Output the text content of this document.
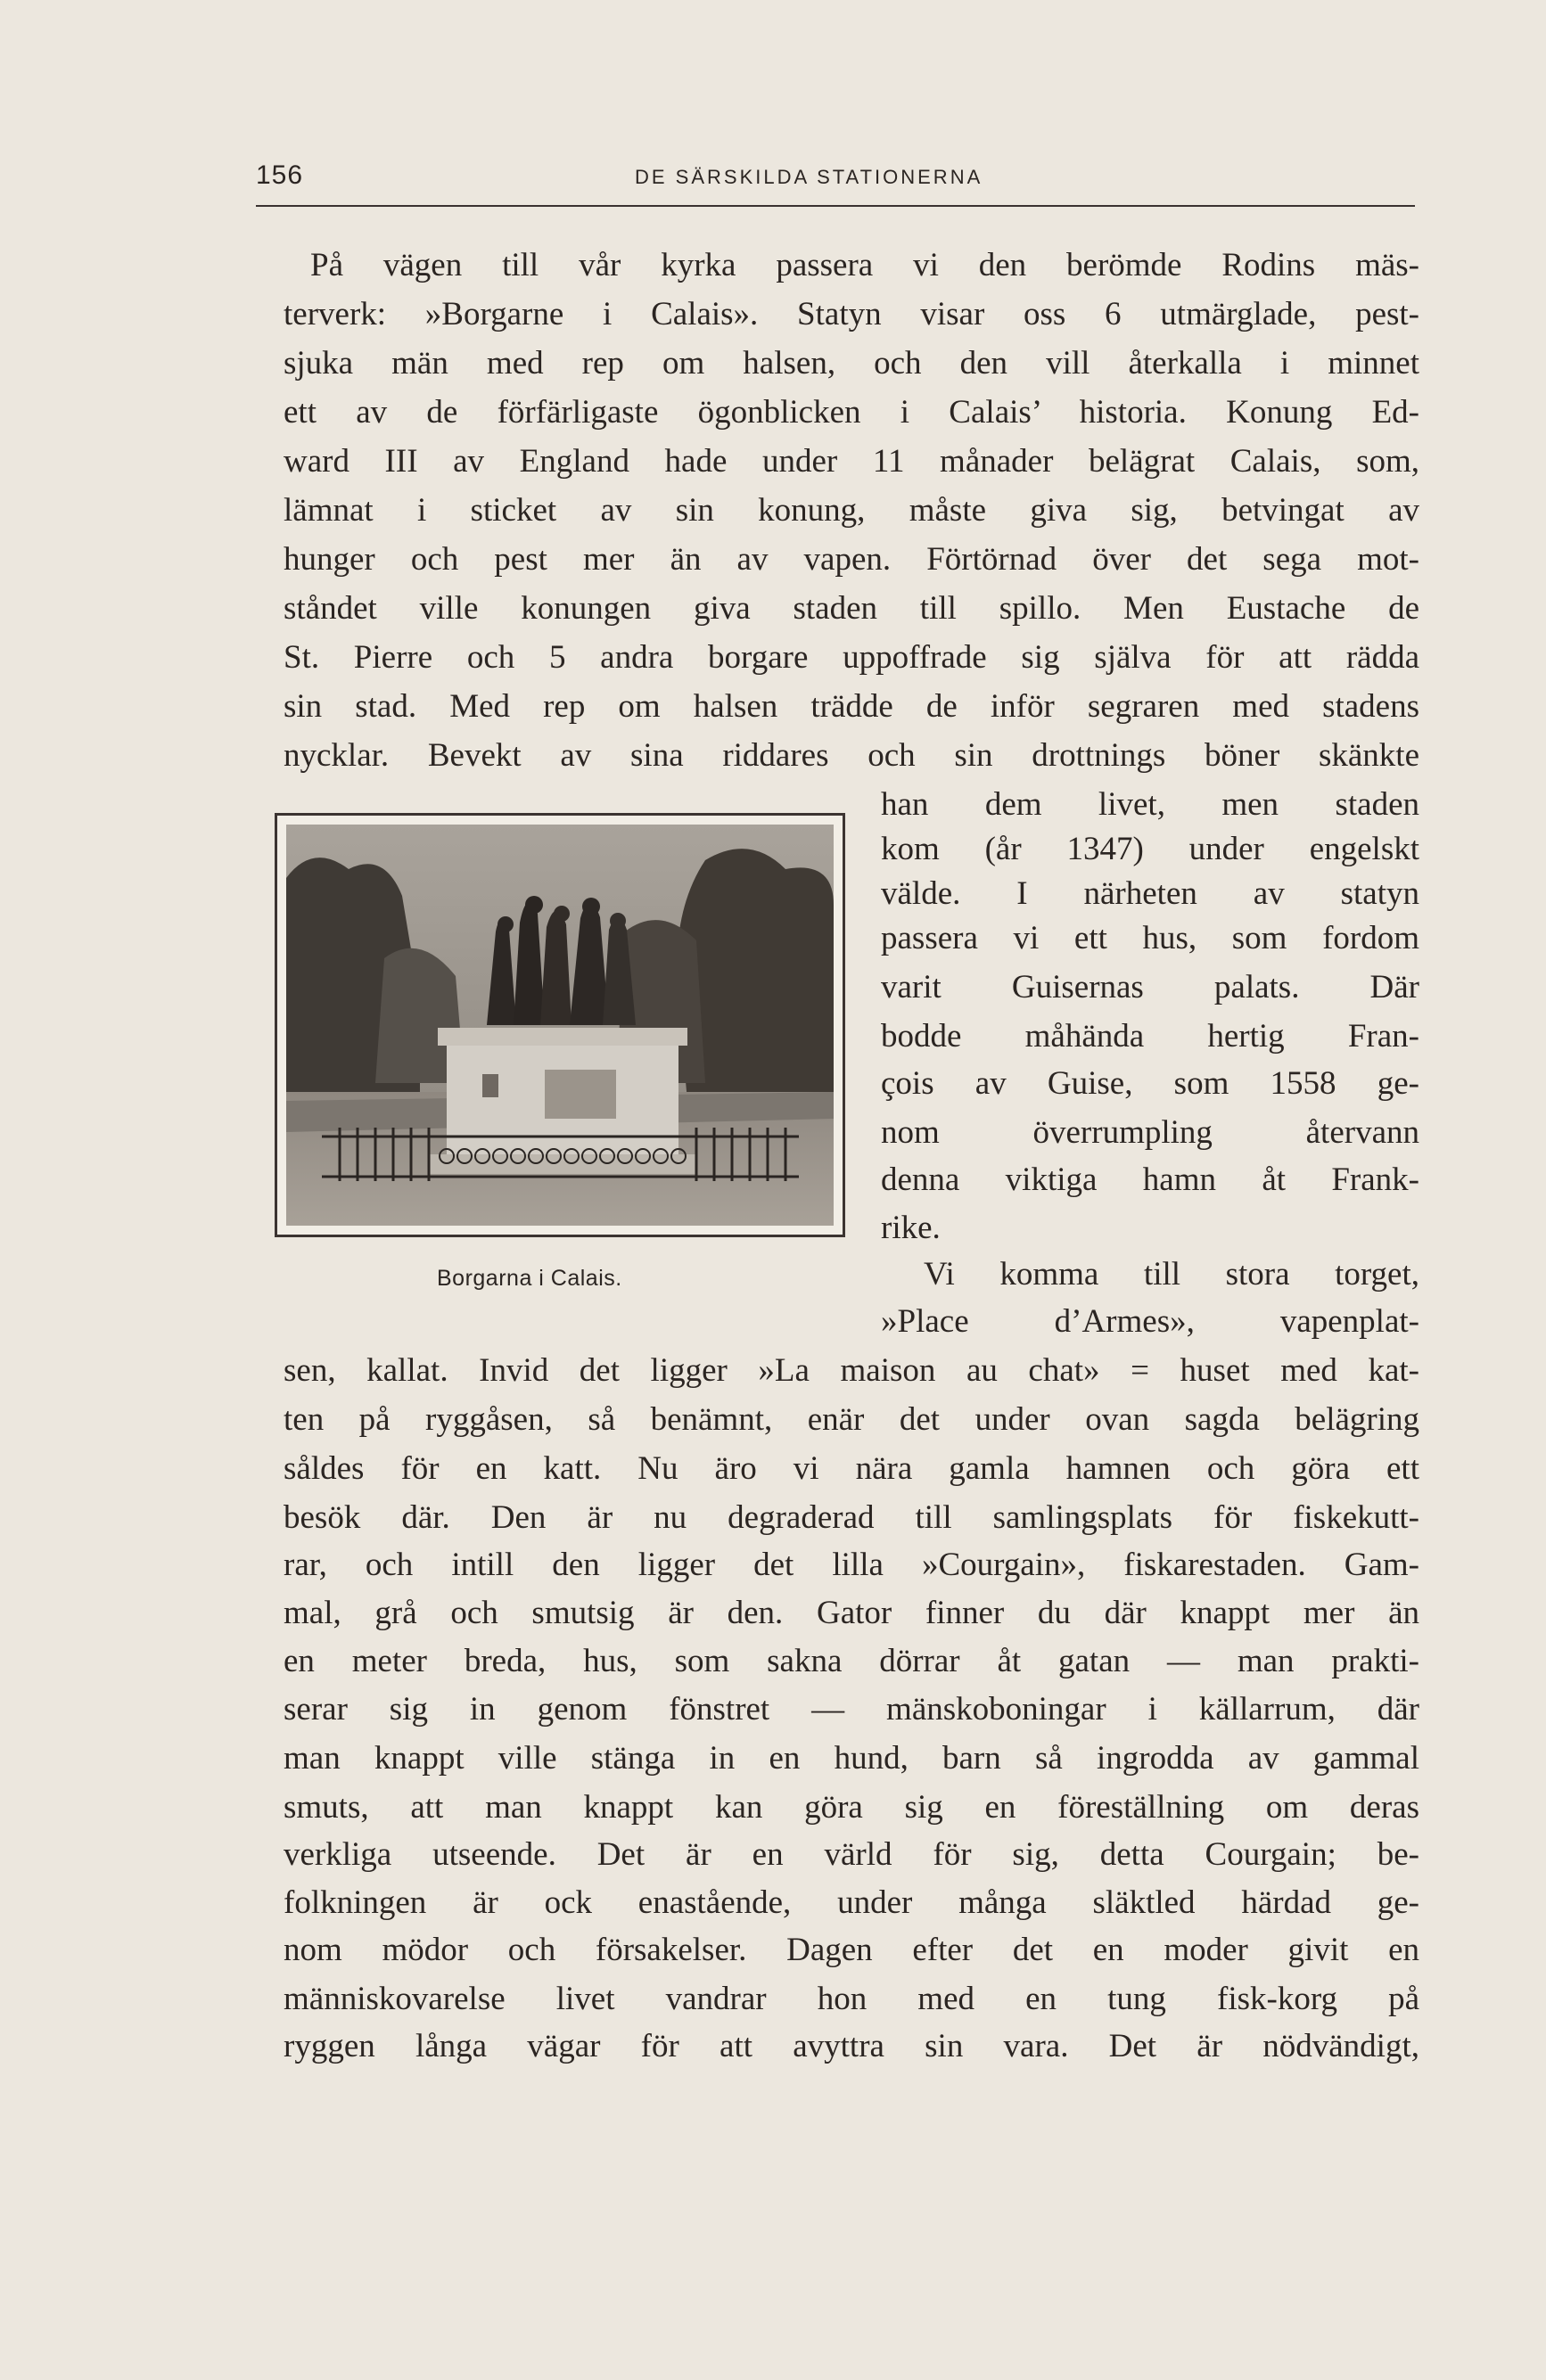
156	DE SÄRSKILDA STATIONERNA
På vägen till vår kyrka passera vi den berömde Rodins mäs-
terverk: »Borgarne i Calais». Statyn visar oss 6 utmärglade, pest-
sjuka män med rep om halsen, och den vill återkalla i minnet
ett av de förfärligaste ögonblicken i Calais’ historia. Konung Ed-
ward III av England hade under 11 månader belägrat Calais, som,
lämnat i sticket av sin konung, måste giva sig, betvingat av
hunger och pest mer än av vapen. Förtörnad över det sega mot-
ståndet ville konungen giva staden till spillo. Men Eustache de
St. Pierre och 5 andra borgare uppoffrade sig själva för att rädda
sin stad. Med rep om halsen trädde de inför segraren med stadens
nycklar. Bevekt av sina riddares och sin drottnings böner skänkte
Borgarna i Calais.
han dem livet, men staden
kom (år 1347) under engelskt
välde. I närheten av statyn
passera vi ett hus, som fordom
varit Guisernas palats. Där
bodde måhända hertig Fran-
çois av Guise, som 1558 ge-
nom överrumpling återvann
denna viktiga hamn åt Frank-
rike.
Vi komma till stora torget,
»Place d’Armes», vapenplat-
sen, kallat. Invid det ligger »La maison au chat» = huset med kat-
ten på ryggåsen, så benämnt, enär det under ovan sagda belägring
såldes för en katt. Nu äro vi nära gamla hamnen och göra ett
besök där. Den är nu degraderad till samlingsplats för fiskekutt-
rar, och intill den ligger det lilla »Courgain», fiskarestaden. Gam-
mal, grå och smutsig är den. Gator finner du där knappt mer än
en meter breda, hus, som sakna dörrar åt gatan — man prakti-
serar sig in genom fönstret — mänskoboningar i källarrum, där
man knappt ville stänga in en hund, barn så ingrodda av gammal
smuts, att man knappt kan göra sig en föreställning om deras
verkliga utseende. Det är en värld för sig, detta Courgain; be-
folkningen är ock enastående, under många släktled härdad ge-
nom mödor och försakelser. Dagen efter det en moder givit en
människovarelse livet vandrar hon med en tung fisk-korg på
ryggen långa vägar för att avyttra sin vara. Det är nödvändigt,
